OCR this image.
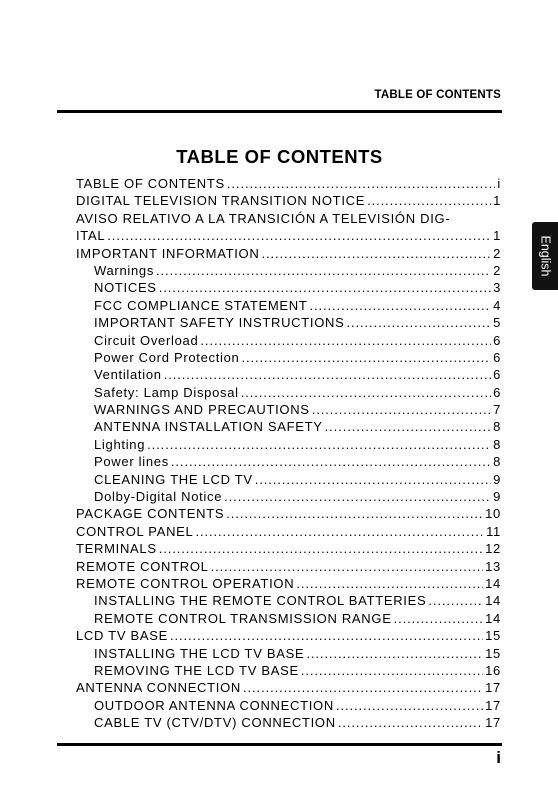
TABLE OF CONTENTS
TABLE OF CONTENTS
English
TABLE OF CONTENTS .....	i
DIGITAL TELEVISION TRANSITION NOTICE .....	1
AVISO RELATIVO A LA TRANSICIÓN A TELEVISIÓN DIG-
ITAL .....	1
IMPORTANT INFORMATION .....	2
Warnings .....	2
NOTICES .....	3
FCC COMPLIANCE STATEMENT .....	4
IMPORTANT SAFETY INSTRUCTIONS .....	5
Circuit Overload .....	6
Power Cord Protection .....	6
Ventilation .....	6
Safety: Lamp Disposal .....	6
WARNINGS AND PRECAUTIONS .....	7
ANTENNA INSTALLATION SAFETY .....	8
Lighting .....	8
Power lines .....	8
CLEANING THE LCD TV .....	9
Dolby-Digital Notice .....	9
PACKAGE CONTENTS .....	10
CONTROL PANEL .....	11
TERMINALS .....	12
REMOTE CONTROL .....	13
REMOTE CONTROL OPERATION .....	14
INSTALLING THE REMOTE CONTROL BATTERIES .....	14
REMOTE CONTROL TRANSMISSION RANGE .....	14
LCD TV BASE .....	15
INSTALLING THE LCD TV BASE .....	15
REMOVING THE LCD TV BASE .....	16
ANTENNA CONNECTION .....	17
OUTDOOR ANTENNA CONNECTION .....	17
CABLE TV (CTV/DTV) CONNECTION .....	17
i
